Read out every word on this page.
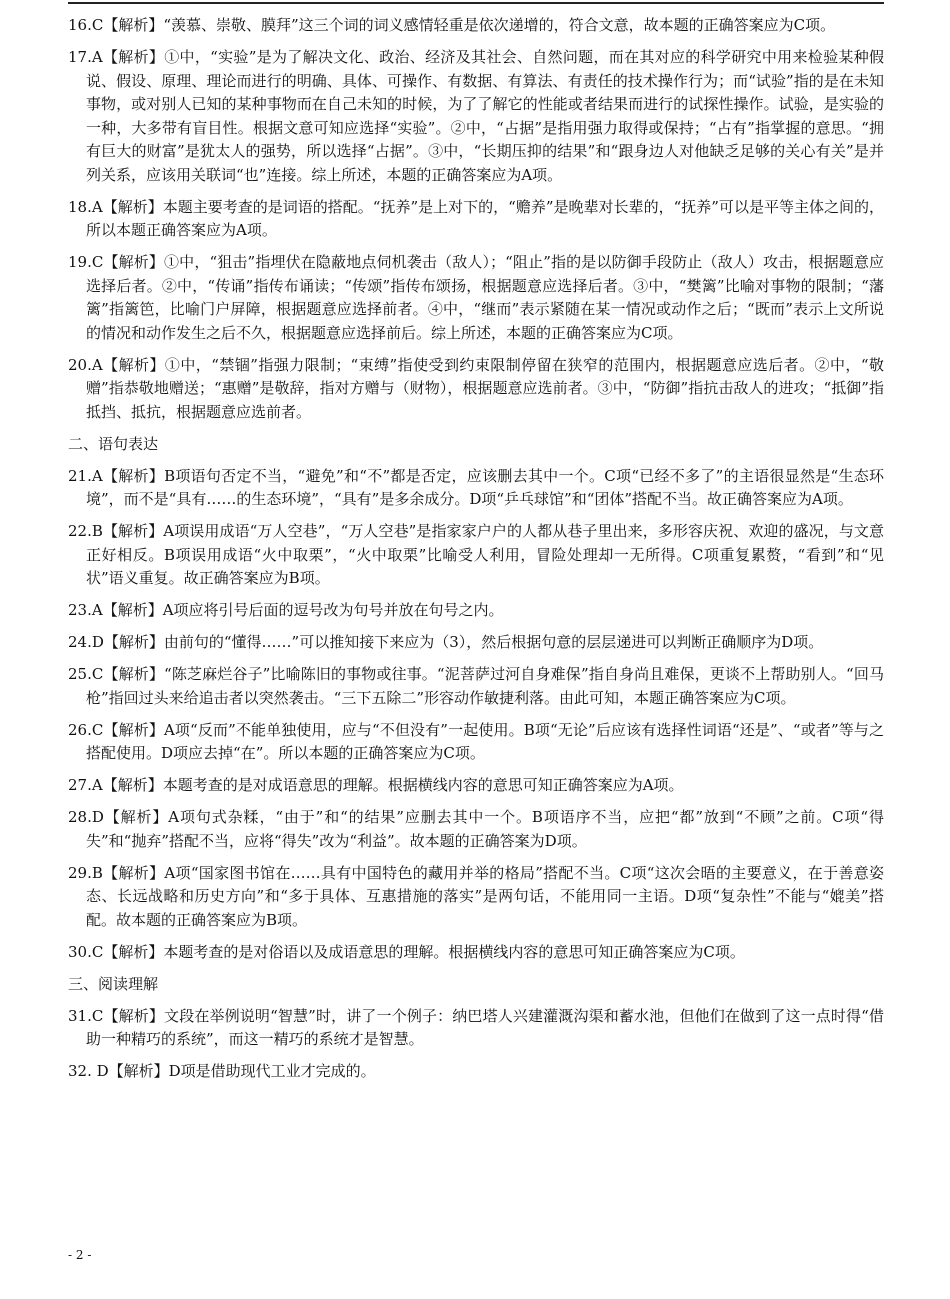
16.C【解析】“羡慕、崇敬、膜拜”这三个词的词义感情轻重是依次递增的，符合文意，故本题的正确答案应为C项。
17.A【解析】①中，“实验”是为了解决文化、政治、经济及其社会、自然问题，而在其对应的科学研究中用来检验某种假说、假设、原理、理论而进行的明确、具体、可操作、有数据、有算法、有责任的技术操作行为；而“试验”指的是在未知事物，或对别人已知的某种事物而在自己未知的时候，为了了解它的性能或者结果而进行的试探性操作。试验，是实验的一种，大多带有盲目性。根据文意可知应选择“实验”。②中，“占据”是指用强力取得或保持；“占有”指掌握的意思。“拥有巨大的财富”是犹太人的强势，所以选择“占据”。③中，“长期压抑的结果”和“跟身边人对他缺乏足够的关心有关”是并列关系，应该用关联词“也”连接。综上所述，本题的正确答案应为A项。
18.A【解析】本题主要考查的是词语的搭配。“抚养”是上对下的，“赡养”是晚辈对长辈的，“抚养”可以是平等主体之间的，所以本题正确答案应为A项。
19.C【解析】①中，“狙击”指埋伏在隐蔽地点伺机袭击（敌人）；“阻止”指的是以防御手段防止（敌人）攻击，根据题意应选择后者。②中，“传诵”指传布诵读；“传颂”指传布颂扬，根据题意应选择后者。③中，“樊篱”比喻对事物的限制；“藩篱”指篱笆，比喻门户屏障，根据题意应选择前者。④中，“继而”表示紧随在某一情况或动作之后；“既而”表示上文所说的情况和动作发生之后不久，根据题意应选择前后。综上所述，本题的正确答案应为C项。
20.A【解析】①中，“禁锢”指强力限制；“束缚”指使受到约束限制停留在狭窄的范围内，根据题意应选后者。②中，“敬赠”指恭敬地赠送；“惠赠”是敬辞，指对方赠与（财物），根据题意应选前者。③中，“防御”指抗击敌人的进攻；“抵御”指抵挡、抵抗，根据题意应选前者。
二、语句表达
21.A【解析】B项语句否定不当，“避免”和“不”都是否定，应该删去其中一个。C项“已经不多了”的主语很显然是“生态环境”，而不是“具有……的生态环境”，“具有”是多余成分。D项“乒乓球馆”和“团体”搭配不当。故正确答案应为A项。
22.B【解析】A项误用成语“万人空巷”，“万人空巷”是指家家户户的人都从巷子里出来，多形容庆祝、欢迎的盛况，与文意正好相反。B项误用成语“火中取栗”，“火中取栗”比喻受人利用，冒险处理却一无所得。C项重复累赘，“看到”和“见状”语义重复。故正确答案应为B项。
23.A【解析】A项应将引号后面的逗号改为句号并放在句号之内。
24.D【解析】由前句的“懂得……”可以推知接下来应为（3），然后根据句意的层层递进可以判断正确顺序为D项。
25.C【解析】“陈芝麻烂谷子”比喻陈旧的事物或往事。“泥菩萨过河自身难保”指自身尚且难保，更谈不上帮助别人。“回马枪”指回过头来给追击者以突然袭击。“三下五除二”形容动作敏捷利落。由此可知，本题正确答案应为C项。
26.C【解析】A项“反而”不能单独使用，应与“不但没有”一起使用。B项“无论”后应该有选择性词语“还是”、“或者”等与之搭配使用。D项应去掉“在”。所以本题的正确答案应为C项。
27.A【解析】本题考查的是对成语意思的理解。根据横线内容的意思可知正确答案应为A项。
28.D【解析】A项句式杂糅，“由于”和“的结果”应删去其中一个。B项语序不当，应把“都”放到“不顾”之前。C项“得失”和“抛弃”搭配不当，应将“得失”改为“利益”。故本题的正确答案为D项。
29.B【解析】A项“国家图书馆在……具有中国特色的藏用并举的格局”搭配不当。C项“这次会晤的主要意义，在于善意姿态、长远战略和历史方向”和“多于具体、互惠措施的落实”是两句话，不能用同一主语。D项“复杂性”不能与“媲美”搭配。故本题的正确答案应为B项。
30.C【解析】本题考查的是对俗语以及成语意思的理解。根据横线内容的意思可知正确答案应为C项。
三、阅读理解
31.C【解析】文段在举例说明“智慧”时，讲了一个例子：纳巴塔人兴建灌溉沟渠和蓄水池，但他们在做到了这一点时得“借助一种精巧的系统”，而这一精巧的系统才是智慧。
32. D【解析】D项是借助现代工业才完成的。
- 2 -
